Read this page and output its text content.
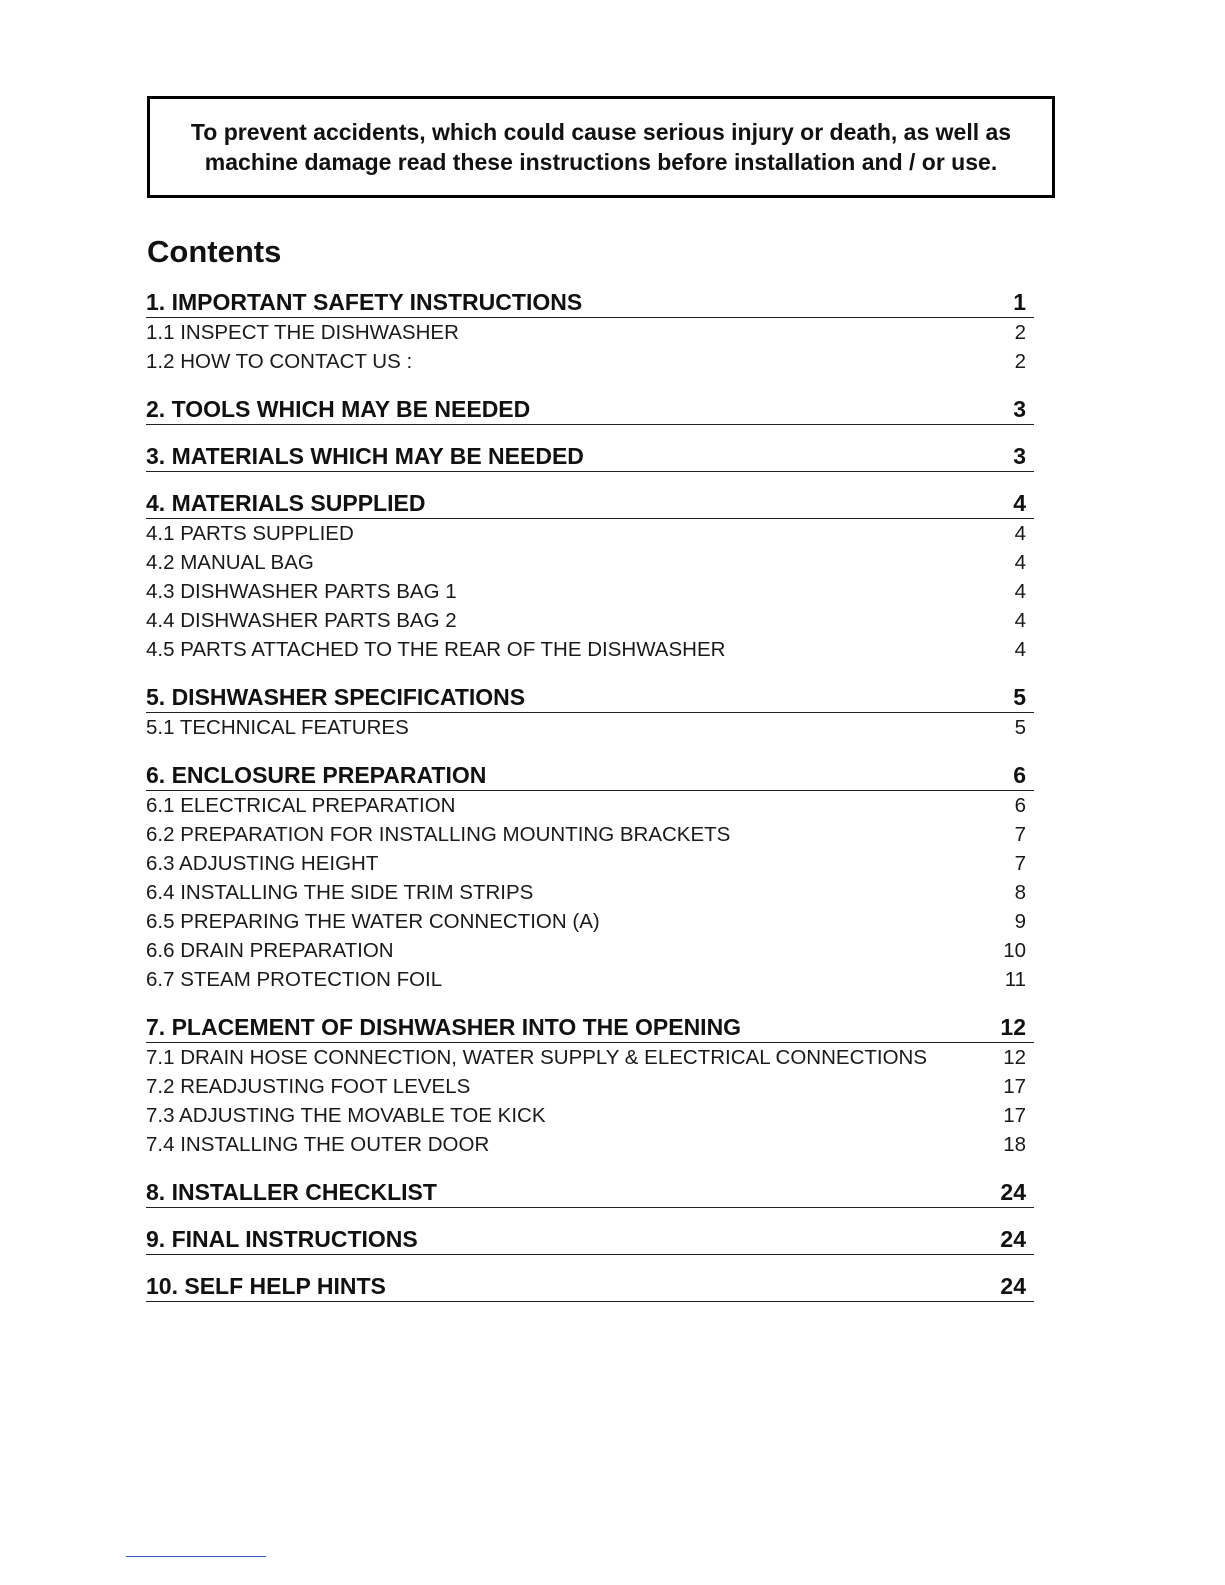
To prevent accidents, which could cause serious injury or death, as well as
machine damage read these instructions before installation and / or use.

Contents
1. IMPORTANT SAFETY INSTRUCTIONS	1
1.1 INSPECT THE DISHWASHER	2
1.2 HOW TO CONTACT US :	2
2. TOOLS WHICH MAY BE NEEDED	3
3. MATERIALS WHICH MAY BE NEEDED	3
4. MATERIALS SUPPLIED	4
4.1 PARTS SUPPLIED	4
4.2 MANUAL BAG	4
4.3 DISHWASHER PARTS BAG 1	4
4.4 DISHWASHER PARTS BAG 2	4
4.5 PARTS ATTACHED TO THE REAR OF THE DISHWASHER	4
5. DISHWASHER SPECIFICATIONS	5
5.1 TECHNICAL FEATURES	5
6. ENCLOSURE PREPARATION	6
6.1 ELECTRICAL PREPARATION	6
6.2 PREPARATION FOR INSTALLING MOUNTING BRACKETS	7
6.3 ADJUSTING HEIGHT	7
6.4 INSTALLING THE SIDE TRIM STRIPS	8
6.5 PREPARING THE WATER CONNECTION (A)	9
6.6 DRAIN PREPARATION	10
6.7 STEAM PROTECTION FOIL	11
7. PLACEMENT OF DISHWASHER INTO THE OPENING	12
7.1 DRAIN HOSE CONNECTION, WATER SUPPLY & ELECTRICAL CONNECTIONS	12
7.2 READJUSTING FOOT LEVELS	17
7.3 ADJUSTING THE MOVABLE TOE KICK	17
7.4 INSTALLING THE OUTER DOOR	18
8. INSTALLER CHECKLIST	24
9. FINAL INSTRUCTIONS	24
10. SELF HELP HINTS	24
